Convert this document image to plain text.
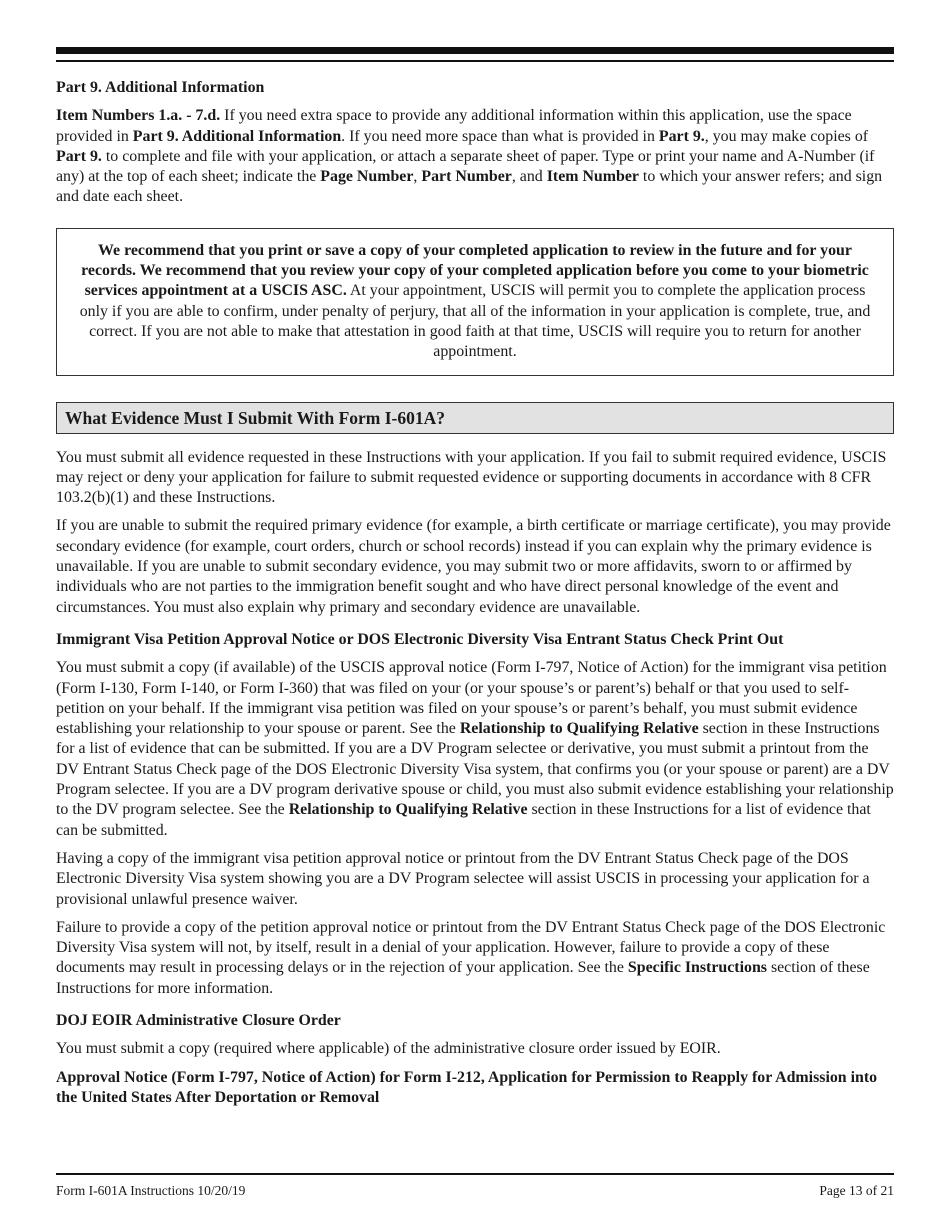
Part 9. Additional Information

Item Numbers 1.a. - 7.d. If you need extra space to provide any additional information within this application, use the space provided in Part 9. Additional Information. If you need more space than what is provided in Part 9., you may make copies of Part 9. to complete and file with your application, or attach a separate sheet of paper. Type or print your name and A-Number (if any) at the top of each sheet; indicate the Page Number, Part Number, and Item Number to which your answer refers; and sign and date each sheet.

We recommend that you print or save a copy of your completed application to review in the future and for your records. We recommend that you review your copy of your completed application before you come to your biometric services appointment at a USCIS ASC. At your appointment, USCIS will permit you to complete the application process only if you are able to confirm, under penalty of perjury, that all of the information in your application is complete, true, and correct. If you are not able to make that attestation in good faith at that time, USCIS will require you to return for another appointment.
What Evidence Must I Submit With Form I-601A?

You must submit all evidence requested in these Instructions with your application. If you fail to submit required evidence, USCIS may reject or deny your application for failure to submit requested evidence or supporting documents in accordance with 8 CFR 103.2(b)(1) and these Instructions.

If you are unable to submit the required primary evidence (for example, a birth certificate or marriage certificate), you may provide secondary evidence (for example, court orders, church or school records) instead if you can explain why the primary evidence is unavailable. If you are unable to submit secondary evidence, you may submit two or more affidavits, sworn to or affirmed by individuals who are not parties to the immigration benefit sought and who have direct personal knowledge of the event and circumstances. You must also explain why primary and secondary evidence are unavailable.

Immigrant Visa Petition Approval Notice or DOS Electronic Diversity Visa Entrant Status Check Print Out

You must submit a copy (if available) of the USCIS approval notice (Form I-797, Notice of Action) for the immigrant visa petition (Form I-130, Form I-140, or Form I-360) that was filed on your (or your spouse’s or parent’s) behalf or that you used to self-petition on your behalf. If the immigrant visa petition was filed on your spouse’s or parent’s behalf, you must submit evidence establishing your relationship to your spouse or parent. See the Relationship to Qualifying Relative section in these Instructions for a list of evidence that can be submitted. If you are a DV Program selectee or derivative, you must submit a printout from the DV Entrant Status Check page of the DOS Electronic Diversity Visa system, that confirms you (or your spouse or parent) are a DV Program selectee. If you are a DV program derivative spouse or child, you must also submit evidence establishing your relationship to the DV program selectee. See the Relationship to Qualifying Relative section in these Instructions for a list of evidence that can be submitted.

Having a copy of the immigrant visa petition approval notice or printout from the DV Entrant Status Check page of the DOS Electronic Diversity Visa system showing you are a DV Program selectee will assist USCIS in processing your application for a provisional unlawful presence waiver.

Failure to provide a copy of the petition approval notice or printout from the DV Entrant Status Check page of the DOS Electronic Diversity Visa system will not, by itself, result in a denial of your application. However, failure to provide a copy of these documents may result in processing delays or in the rejection of your application. See the Specific Instructions section of these Instructions for more information.

DOJ EOIR Administrative Closure Order

You must submit a copy (required where applicable) of the administrative closure order issued by EOIR.

Approval Notice (Form I-797, Notice of Action) for Form I-212, Application for Permission to Reapply for Admission into the United States After Deportation or Removal

Form I-601A Instructions 10/20/19	Page 13 of 21
